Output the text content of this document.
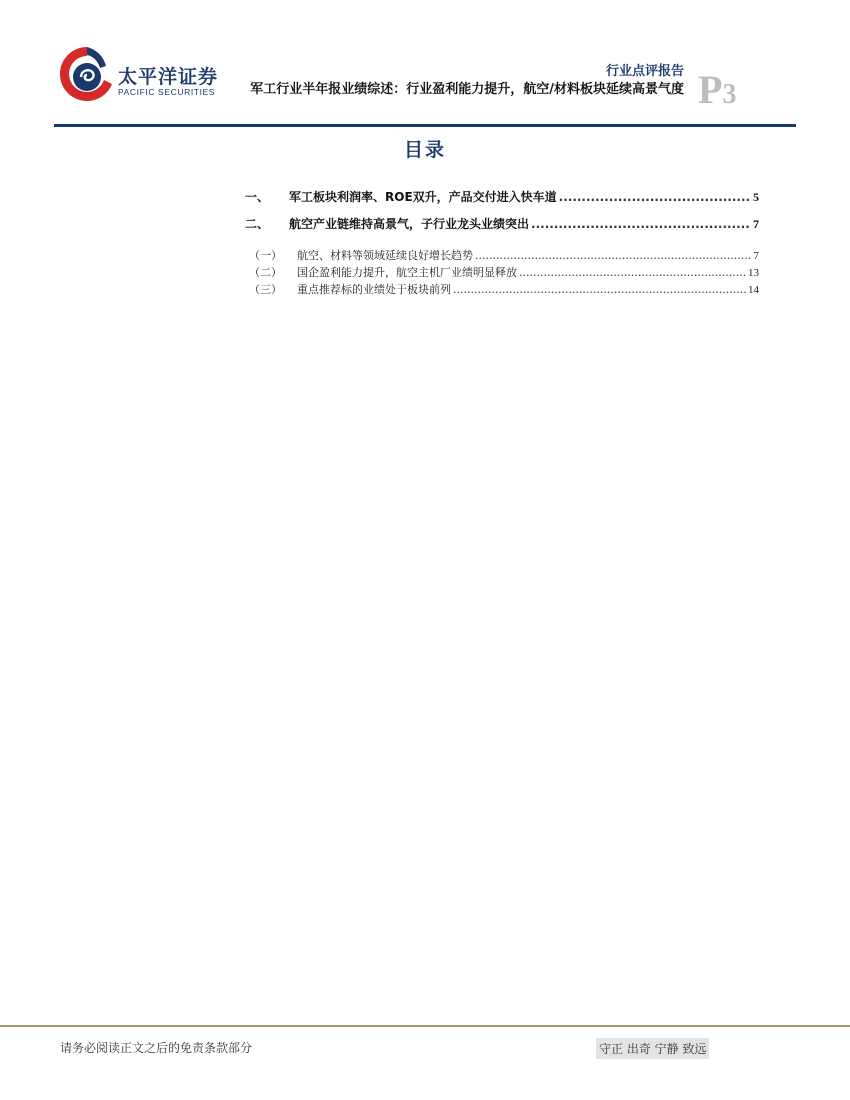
太平洋证券
PACIFIC SECURITIES
行业点评报告
军工行业半年报业绩综述：行业盈利能力提升，航空/材料板块延续高景气度 P3
目录
一、	军工板块利润率、ROE双升，产品交付进入快车道 .....	5
二、	航空产业链维持高景气，子行业龙头业绩突出 .....	7
（一）	航空、材料等领域延续良好增长趋势 .....	7
（二）	国企盈利能力提升，航空主机厂业绩明显释放 .....	13
（三）	重点推荐标的业绩处于板块前列 .....	14
请务必阅读正文之后的免责条款部分	守正 出奇 宁静 致远
